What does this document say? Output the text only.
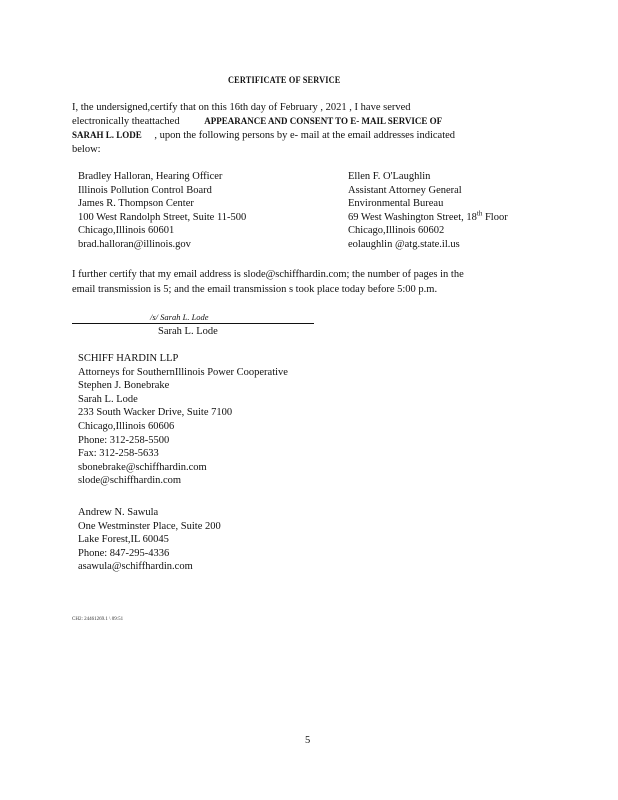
CERTIFICATE OF SERVICE
I, the undersigned,certify that on this 16th day of February , 2021 , I have served
electronically theattached	APPEARANCE AND CONSENT TO E- MAIL SERVICE OF
SARAH L. LODE , upon the following persons by e- mail at the email addresses indicated
below:
Bradley Halloran, Hearing Officer
Illinois Pollution Control Board
James R. Thompson Center
100 West Randolph Street, Suite 11-500
Chicago,Illinois 60601
brad.halloran@illinois.gov
Ellen F. O'Laughlin
Assistant Attorney General
Environmental Bureau
69 West Washington Street, 18th Floor
Chicago,Illinois 60602
eolaughlin @atg.state.il.us
I further certify that my email address is slode@schiffhardin.com; the number of pages in the
email transmission is 5; and the email transmission s took place today before 5:00 p.m.
/s/ Sarah L. Lode
Sarah L. Lode
SCHIFF HARDIN LLP
Attorneys for SouthernIllinois Power Cooperative
Stephen J. Bonebrake
Sarah L. Lode
233 South Wacker Drive, Suite 7100
Chicago,Illinois 60606
Phone: 312-258-5500
Fax: 312-258-5633
sbonebrake@schiffhardin.com
slode@schiffhardin.com
Andrew N. Sawula
One Westminster Place, Suite 200
Lake Forest,IL 60045
Phone: 847-295-4336
asawula@schiffhardin.com
CH2: 24461269.1 \ 09:51
5
